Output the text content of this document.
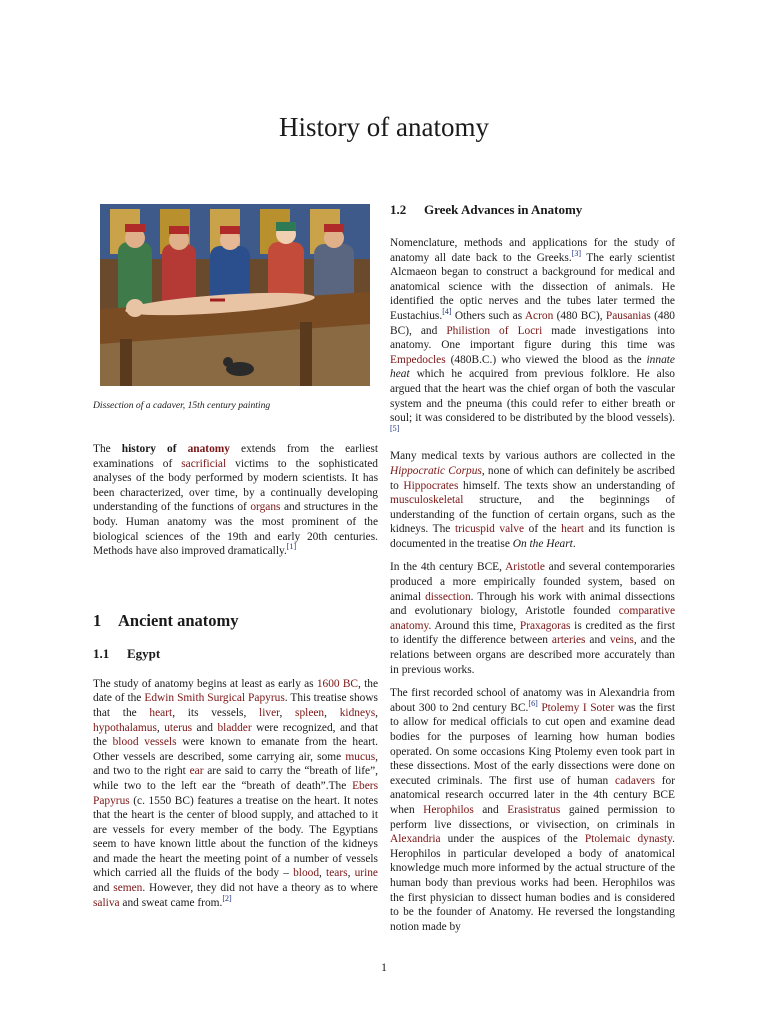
History of anatomy
Dissection of a cadaver, 15th century painting

The history of anatomy extends from the earliest examinations of sacrificial victims to the sophisticated analyses of the body performed by modern scientists. It has been characterized, over time, by a continually developing understanding of the functions of organs and structures in the body. Human anatomy was the most prominent of the biological sciences of the 19th and early 20th centuries. Methods have also improved dramatically.[1]

1 Ancient anatomy
1.1 Egypt

The study of anatomy begins at least as early as 1600 BC, the date of the Edwin Smith Surgical Papyrus. This treatise shows that the heart, its vessels, liver, spleen, kidneys, hypothalamus, uterus and bladder were recognized, and that the blood vessels were known to emanate from the heart. Other vessels are described, some carrying air, some mucus, and two to the right ear are said to carry the “breath of life”, while two to the left ear the “breath of death”.The Ebers Papyrus (c. 1550 BC) features a treatise on the heart. It notes that the heart is the center of blood supply, and attached to it are vessels for every member of the body. The Egyptians seem to have known little about the function of the kidneys and made the heart the meeting point of a number of vessels which carried all the fluids of the body – blood, tears, urine and semen. However, they did not have a theory as to where saliva and sweat came from.[2]

1.2 Greek Advances in Anatomy

Nomenclature, methods and applications for the study of anatomy all date back to the Greeks.[3] The early scientist Alcmaeon began to construct a background for medical and anatomical science with the dissection of animals. He identified the optic nerves and the tubes later termed the Eustachius.[4] Others such as Acron (480 BC), Pausanias (480 BC), and Philistion of Locri made investigations into anatomy. One important figure during this time was Empedocles (480B.C.) who viewed the blood as the innate heat which he acquired from previous folklore. He also argued that the heart was the chief organ of both the vascular system and the pneuma (this could refer to either breath or soul; it was considered to be distributed by the blood vessels).[5]

Many medical texts by various authors are collected in the Hippocratic Corpus, none of which can definitely be ascribed to Hippocrates himself. The texts show an understanding of musculoskeletal structure, and the beginnings of understanding of the function of certain organs, such as the kidneys. The tricuspid valve of the heart and its function is documented in the treatise On the Heart.

In the 4th century BCE, Aristotle and several contemporaries produced a more empirically founded system, based on animal dissection. Through his work with animal dissections and evolutionary biology, Aristotle founded comparative anatomy. Around this time, Praxagoras is credited as the first to identify the difference between arteries and veins, and the relations between organs are described more accurately than in previous works.

The first recorded school of anatomy was in Alexandria from about 300 to 2nd century BC.[6] Ptolemy I Soter was the first to allow for medical officials to cut open and examine dead bodies for the purposes of learning how human bodies operated. On some occasions King Ptolemy even took part in these dissections. Most of the early dissections were done on executed criminals. The first use of human cadavers for anatomical research occurred later in the 4th century BCE when Herophilos and Erasistratus gained permission to perform live dissections, or vivisection, on criminals in Alexandria under the auspices of the Ptolemaic dynasty. Herophilos in particular developed a body of anatomical knowledge much more informed by the actual structure of the human body than previous works had been. Herophilos was the first physician to dissect human bodies and is considered to be the founder of Anatomy. He reversed the longstanding notion made by

1
